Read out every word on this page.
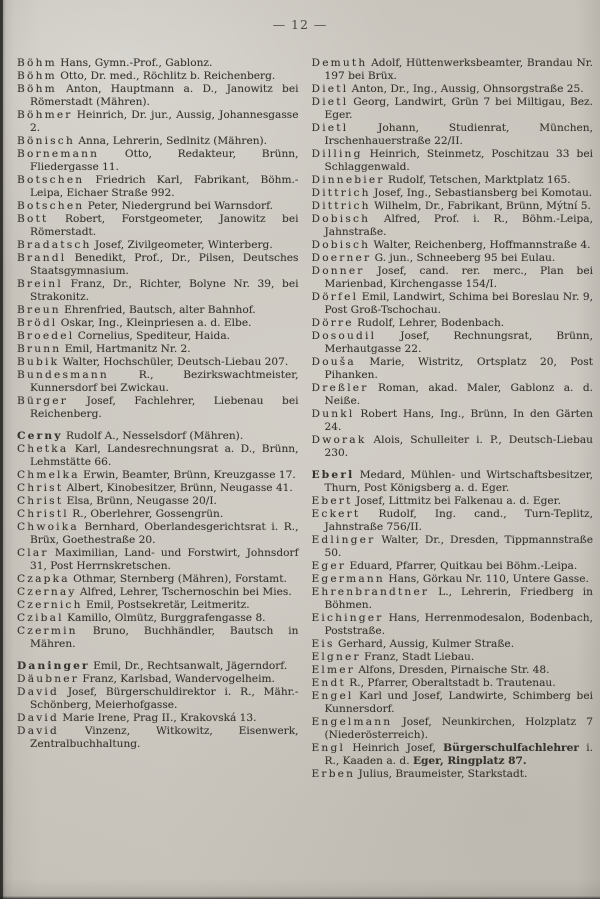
— 12 —

Böhm Hans, Gymn.-Prof., Gablonz.

Böhm Otto, Dr. med., Röchlitz b. Reichenberg.

Böhm Anton, Hauptmann a. D., Janowitz bei Römerstadt (Mähren).

Böhmer Heinrich, Dr. jur., Aussig, Johannesgasse 2.

Bönisch Anna, Lehrerin, Sedlnitz (Mähren).

Bornemann Otto, Redakteur, Brünn, Fliedergasse 11.

Botschen Friedrich Karl, Fabrikant, Böhm.-Leipa, Eichaer Straße 992.

Botschen Peter, Niedergrund bei Warnsdorf.

Bott Robert, Forstgeometer, Janowitz bei Römerstadt.

Bradatsch Josef, Zivilgeometer, Winterberg.

Brandl Benedikt, Prof., Dr., Pilsen, Deutsches Staatsgymnasium.

Breinl Franz, Dr., Richter, Bolyne Nr. 39, bei Strakonitz.

Breun Ehrenfried, Bautsch, alter Bahnhof.

Brödl Oskar, Ing., Kleinpriesen a. d. Elbe.

Broedel Cornelius, Spediteur, Haida.

Brunn Emil, Hartmanitz Nr. 2.

Bubik Walter, Hochschüler, Deutsch-Liebau 207.

Bundesmann	R., Bezirkswachtmeister, Kunnersdorf bei Zwickau.

Bürger Josef, Fachlehrer, Liebenau bei Reichenberg.

Cerny Rudolf A., Nesselsdorf (Mähren).

Chetka Karl, Landesrechnungsrat a. D., Brünn, Lehmstätte 66.

Chmelka Erwin, Beamter, Brünn, Kreuzgasse 17.

Christ Albert, Kinobesitzer, Brünn, Neugasse 41.

Christ Elsa, Brünn, Neugasse 20/I.

Christl R., Oberlehrer, Gossengrün.

Chwoika Bernhard, Oberlandesgerichtsrat i. R., Brüx, Goethestraße 20.

Clar Maximilian, Land- und Forstwirt, Johnsdorf 31, Post Herrnskretschen.

Czapka Othmar, Sternberg (Mähren), Forstamt.

Czernay Alfred, Lehrer, Tschernoschin bei Mies.

Czernich Emil, Postsekretär, Leitmeritz.

Czibal Kamillo, Olmütz, Burggrafengasse 8.

Czermin Bruno, Buchhändler, Bautsch in Mähren.

Daninger Emil, Dr., Rechtsanwalt, Jägerndorf.

Däubner Franz, Karlsbad, Wandervogelheim.

David Josef, Bürgerschuldirektor i. R., Mähr.-Schönberg, Meierhofgasse.

David Marie Irene, Prag II., Krakovská 13.

David Vinzenz, Witkowitz, Eisenwerk, Zentralbuchhaltung.

Demuth Adolf, Hüttenwerksbeamter, Brandau Nr. 197 bei Brüx.

Dietl Anton, Dr., Ing., Aussig, Ohnsorgstraße 25.

Dietl Georg, Landwirt, Grün 7 bei Miltigau, Bez. Eger.

Dietl	Johann, Studienrat, München, Irschenhauerstraße 22/II.

Dilling Heinrich, Steinmetz, Poschitzau 33 bei Schlaggenwald.

Dinnebier Rudolf, Tetschen, Marktplatz 165.

Dittrich Josef, Ing., Sebastiansberg bei Komotau.

Dittrich Wilhelm, Dr., Fabrikant, Brünn, Mýtní 5.

Dobisch Alfred, Prof. i. R., Böhm.-Leipa, Jahnstraße.

Dobisch Walter, Reichenberg, Hoffmannstraße 4.

Doerner G. jun., Schneeberg 95 bei Eulau.

Donner Josef, cand. rer. merc., Plan bei Marienbad, Kirchengasse 154/I.

Dörfel Emil, Landwirt, Schima bei Boreslau Nr. 9, Post Groß-Tschochau.

Dörre Rudolf, Lehrer, Bodenbach.

Dosoudil Josef, Rechnungsrat, Brünn, Merhautgasse 22.

Douša Marie, Wistritz, Ortsplatz 20, Post Pihanken.

Dreßler Roman, akad. Maler, Gablonz a. d. Neiße.

Dunkl Robert Hans, Ing., Brünn, In den Gärten 24.

Dworak Alois, Schulleiter i. P., Deutsch-Liebau 230.

Eberl Medard, Mühlen- und Wirtschaftsbesitzer, Thurn, Post Königsberg a. d. Eger.

Ebert Josef, Littmitz bei Falkenau a. d. Eger.

Eckert Rudolf, Ing. cand., Turn-Teplitz, Jahnstraße 756/II.

Edlinger Walter, Dr., Dresden, Tippmannstraße 50.

Eger Eduard, Pfarrer, Quitkau bei Böhm.-Leipa.

Egermann Hans, Görkau Nr. 110, Untere Gasse.

Ehrenbrandtner L., Lehrerin, Friedberg in Böhmen.

Eichinger Hans, Herrenmodesalon, Bodenbach, Poststraße.

Eis Gerhard, Aussig, Kulmer Straße.

Elgner Franz, Stadt Liebau.

Elmer Alfons, Dresden, Pirnaische Str. 48.

Endt R., Pfarrer, Oberaltstadt b. Trautenau.

Engel Karl und Josef, Landwirte, Schimberg bei Kunnersdorf.

Engelmann Josef, Neunkirchen, Holzplatz 7 (Niederösterreich).

Engl Heinrich Josef, Bürgerschulfachlehrer i. R., Kaaden a. d. Eger, Ringplatz 87.

Erben Julius, Braumeister, Starkstadt.
